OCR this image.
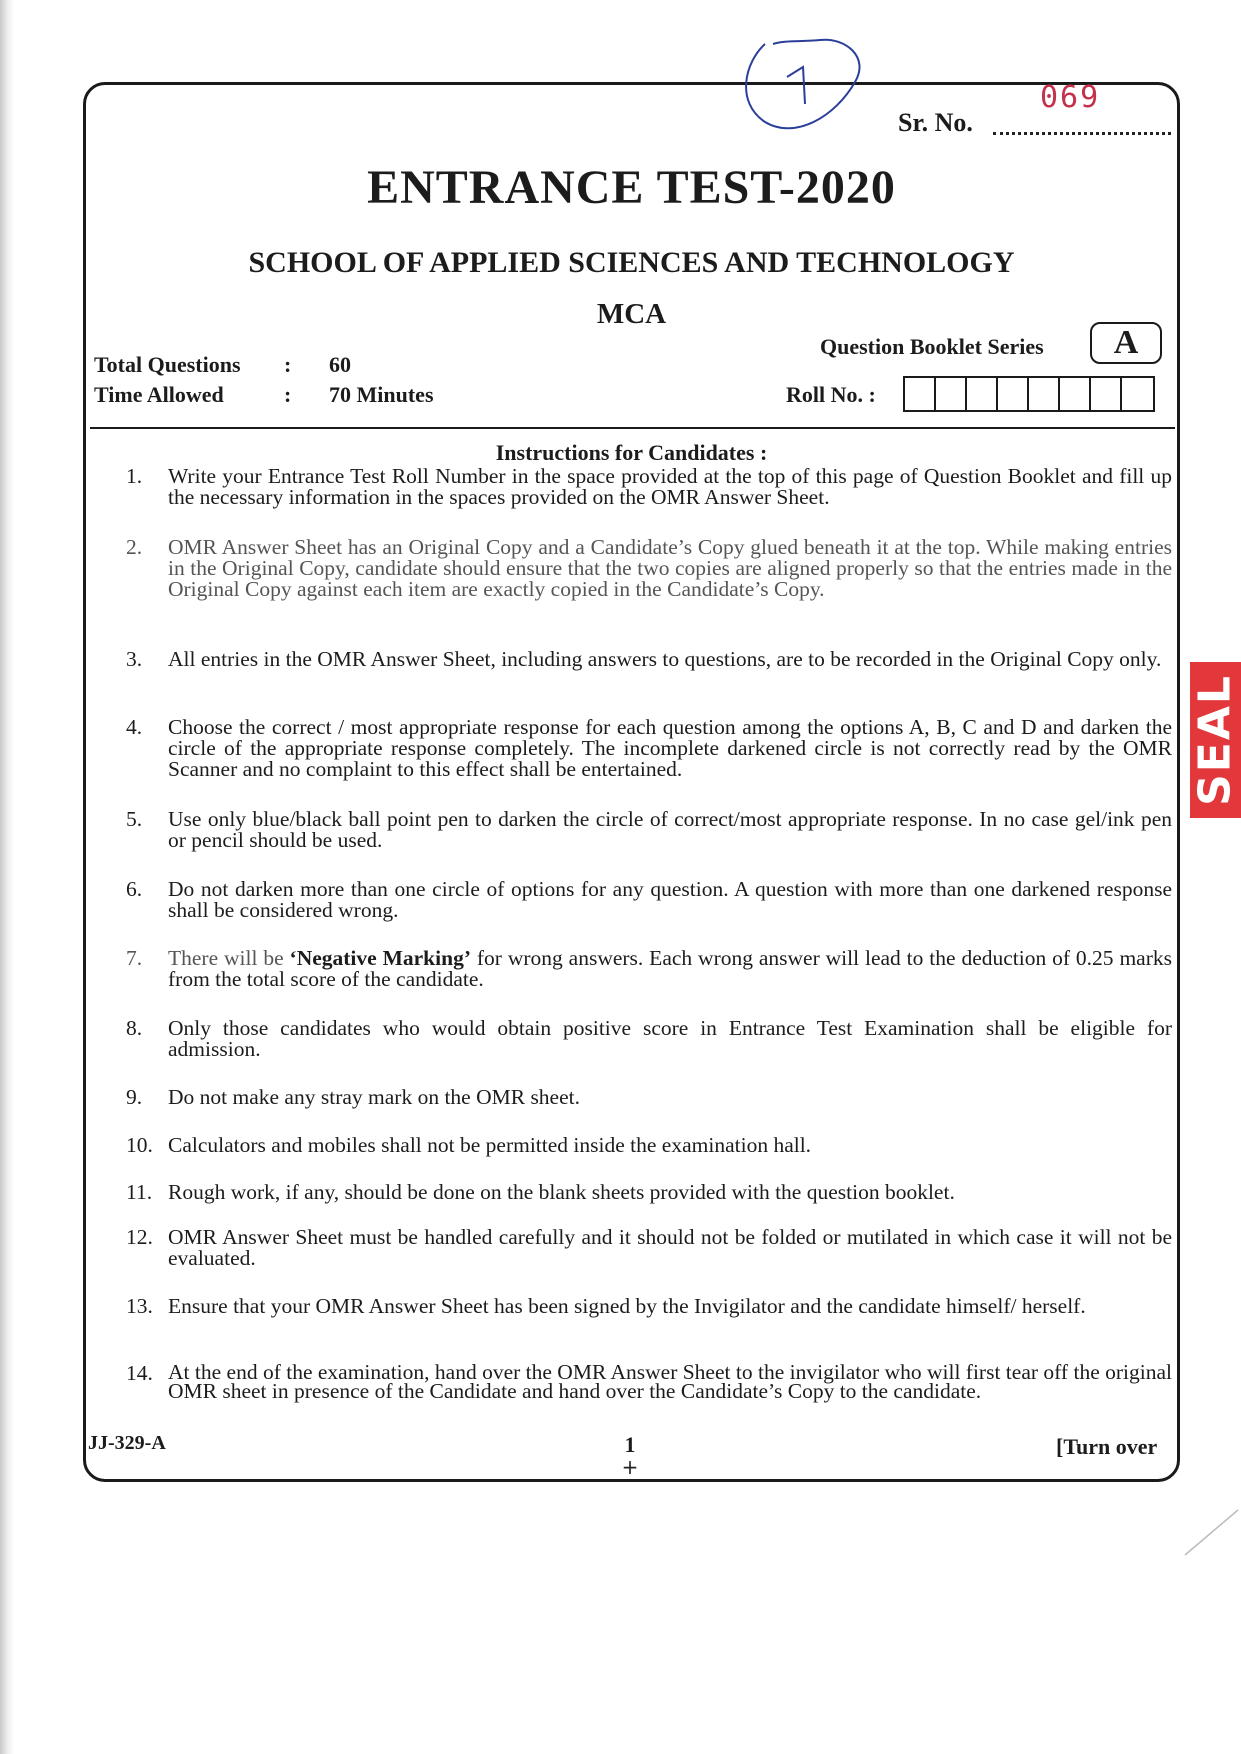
Sr. No.
069
ENTRANCE TEST-2020
SCHOOL OF APPLIED SCIENCES AND TECHNOLOGY
MCA
Total Questions : 60
Time Allowed	: 70 Minutes
Question Booklet Series	A
Roll No. :
Instructions for Candidates :
1.	Write your Entrance Test Roll Number in the space provided at the top of this page of Question Booklet and fill up the necessary information in the spaces provided on the OMR Answer Sheet.
2.	OMR Answer Sheet has an Original Copy and a Candidate’s Copy glued beneath it at the top. While making entries in the Original Copy, candidate should ensure that the two copies are aligned properly so that the entries made in the Original Copy against each item are exactly copied in the Candidate’s Copy.
3.	All entries in the OMR Answer Sheet, including answers to questions, are to be recorded in the Original Copy only.
4.	Choose the correct / most appropriate response for each question among the options A, B, C and D and darken the circle of the appropriate response completely. The incomplete darkened circle is not correctly read by the OMR Scanner and no complaint to this effect shall be entertained.
5.	Use only blue/black ball point pen to darken the circle of correct/most appropriate response. In no case gel/ink pen or pencil should be used.
6.	Do not darken more than one circle of options for any question. A question with more than one darkened response shall be considered wrong.
7.	There will be ‘Negative Marking’ for wrong answers. Each wrong answer will lead to the deduction of 0.25 marks from the total score of the candidate.
8.	Only those candidates who would obtain positive score in Entrance Test Examination shall be eligible for admission.
9.	Do not make any stray mark on the OMR sheet.
10. Calculators and mobiles shall not be permitted inside the examination hall.
11. Rough work, if any, should be done on the blank sheets provided with the question booklet.
12. OMR Answer Sheet must be handled carefully and it should not be folded or mutilated in which case it will not be evaluated.
13. Ensure that your OMR Answer Sheet has been signed by the Invigilator and the candidate himself/ herself.
14. At the end of the examination, hand over the OMR Answer Sheet to the invigilator who will first tear off the original OMR sheet in presence of the Candidate and hand over the Candidate’s Copy to the candidate.
JJ-329-A	1
+
[Turn over
SEAL
